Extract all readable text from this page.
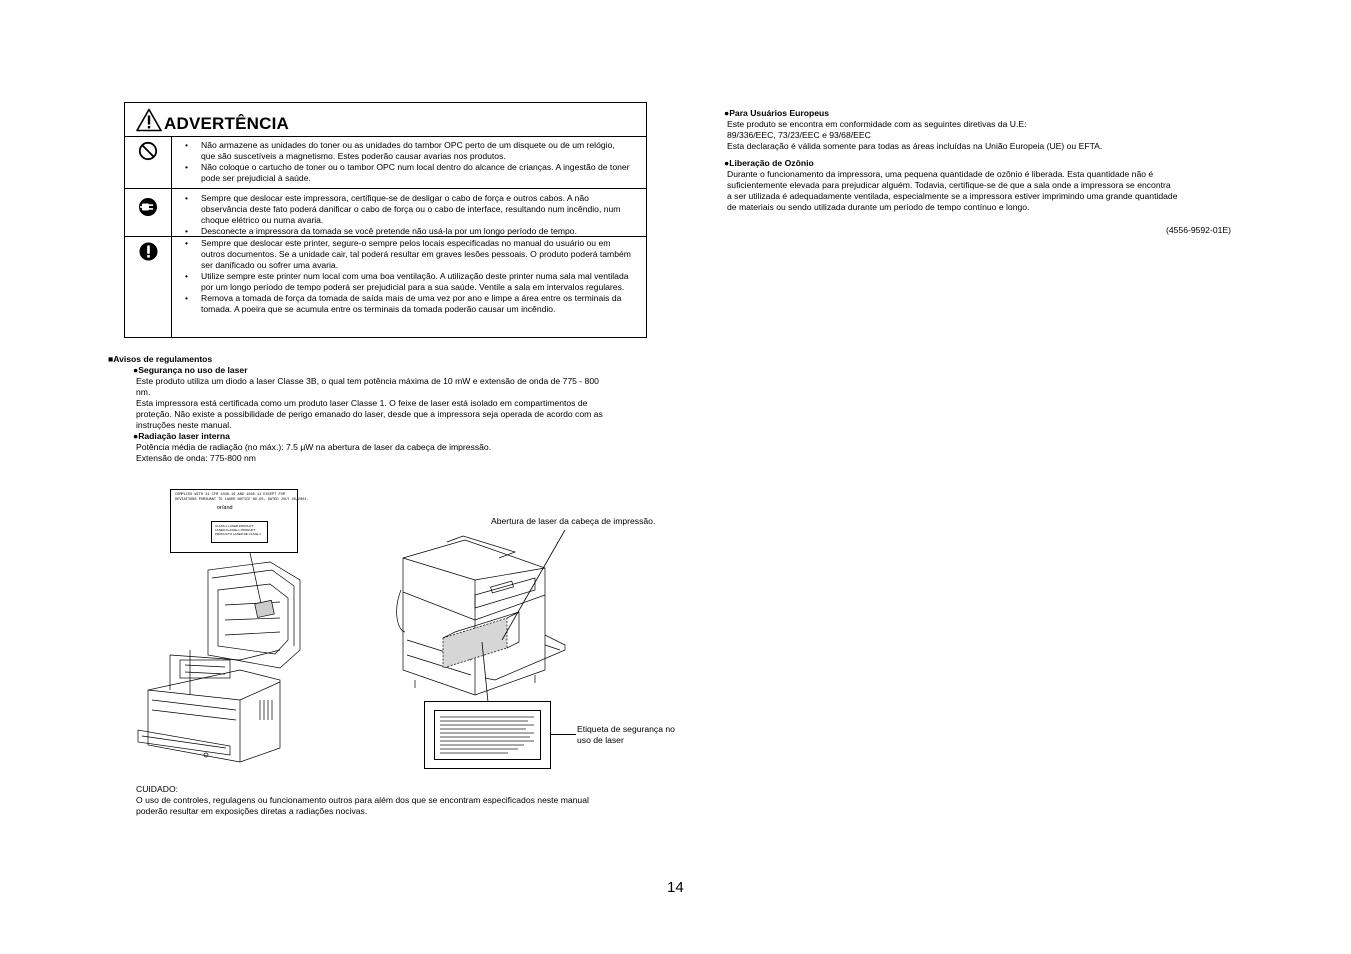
ADVERTÊNCIA
• Não armazene as unidades do toner ou as unidades do tambor OPC perto de um disquete ou de um relógio, que são suscetíveis a magnetismo. Estes poderão causar avarias nos produtos.
• Não coloque o cartucho de toner ou o tambor OPC num local dentro do alcance de crianças. A ingestão de toner pode ser prejudicial à saúde.
• Sempre que deslocar este impressora, certifique-se de desligar o cabo de força e outros cabos. A não observância deste fato poderá danificar o cabo de força ou o cabo de interface, resultando num incêndio, num choque elétrico ou numa avaria.
• Desconecte a impressora da tomada se você pretende não usá-la por um longo período de tempo.
• Sempre que deslocar este printer, segure-o sempre pelos locais especificadas no manual do usuário ou em outros documentos. Se a unidade cair, tal poderá resultar em graves lesões pessoais. O produto poderá também ser danificado ou sofrer uma avaria.
• Utilize sempre este printer num local com uma boa ventilação. A utilização deste printer numa sala mal ventilada por um longo período de tempo poderá ser prejudicial para a sua saúde. Ventile a sala em intervalos regulares.
• Remova a tomada de força da tomada de saída mais de uma vez por ano e limpe a área entre os terminais da tomada. A poeira que se acumula entre os terminais da tomada poderão causar um incêndio.
■Avisos de regulamentos
●Segurança no uso de laser
Este produto utiliza um diodo a laser Classe 3B, o qual tem potência máxima de 10 mW e extensão de onda de 775 - 800
nm.
Esta impressora está certificada como um produto laser Classe 1. O feixe de laser está isolado em compartimentos de
proteção. Não existe a possibilidade de perigo emanado do laser, desde que a impressora seja operada de acordo com as
instruções neste manual.
●Radiação laser interna
Potência média de radiação (no máx.): 7.5 μW na abertura de laser da cabeça de impressão.
Extensão de onda: 775-800 nm
COMPLIES WITH 21 CFR 1040.10 AND 1040.11 EXCEPT FOR
DEVIATIONS PURSUANT TO LASER NOTICE NO.50, DATED JULY 26,2001.
or/and
CLASS 1 LASER PRODUCT
LASER KLASSE 1 PRODUKT
PRODUCTO LASER DE CLASE 1
Abertura de laser da cabeça de impressão.
Etiqueta de segurança no
uso de laser
CUIDADO:
O uso de controles, regulagens ou funcionamento outros para além dos que se encontram especificados neste manual
poderão resultar em exposições diretas a radiações nocivas.
●Para Usuários Europeus
Este produto se encontra em conformidade com as seguintes diretivas da U.E:
89/336/EEC, 73/23/EEC e 93/68/EEC
Esta declaração é válida somente para todas as áreas incluídas na União Europeia (UE) ou EFTA.
●Liberação de Ozônio
Durante o funcionamento da impressora, uma pequena quantidade de ozônio é liberada. Esta quantidade não é
suficientemente elevada para prejudicar alguém. Todavia, certifique-se de que a sala onde a impressora se encontra
a ser utilizada é adequadamente ventilada, especialmente se a impressora estiver imprimindo uma grande quantidade
de materiais ou sendo utilizada durante um período de tempo contínuo e longo.
(4556-9592-01E)
14
